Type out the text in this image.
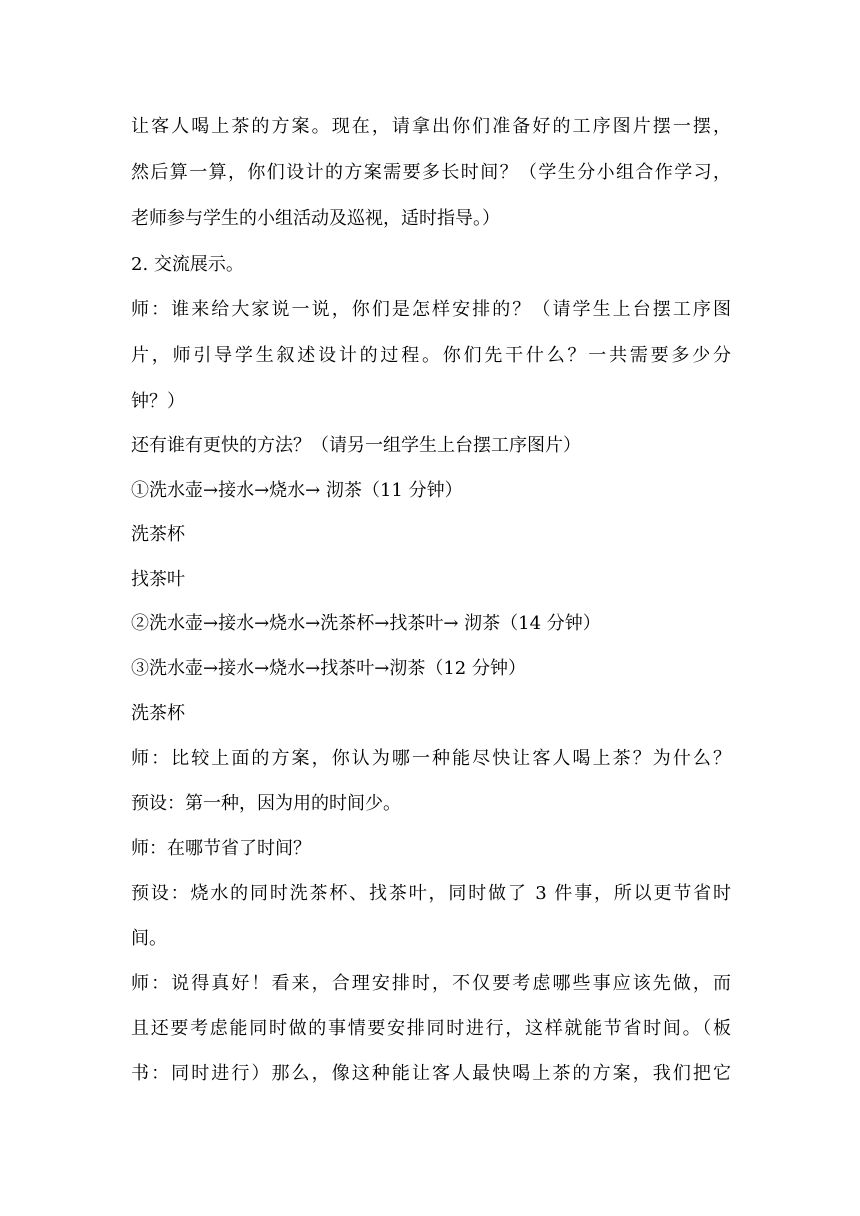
让客人喝上茶的方案。现在，请拿出你们准备好的工序图片摆一摆，
然后算一算，你们设计的方案需要多长时间？（学生分小组合作学习，
老师参与学生的小组活动及巡视，适时指导。）
2. 交流展示。
师：谁来给大家说一说，你们是怎样安排的？（请学生上台摆工序图
片，师引导学生叙述设计的过程。你们先干什么？一共需要多少分
钟？）
还有谁有更快的方法？（请另一组学生上台摆工序图片）
①洗水壶→接水→烧水→ 沏茶（11 分钟）
洗茶杯
找茶叶
②洗水壶→接水→烧水→洗茶杯→找茶叶→ 沏茶（14 分钟）
③洗水壶→接水→烧水→找茶叶→沏茶（12 分钟）
洗茶杯
师：比较上面的方案，你认为哪一种能尽快让客人喝上茶？为什么？
预设：第一种，因为用的时间少。
师：在哪节省了时间？
预设：烧水的同时洗茶杯、找茶叶，同时做了 3 件事，所以更节省时
间。
师：说得真好！看来，合理安排时，不仅要考虑哪些事应该先做，而
且还要考虑能同时做的事情要安排同时进行，这样就能节省时间。（板
书：同时进行）那么，像这种能让客人最快喝上茶的方案，我们把它
